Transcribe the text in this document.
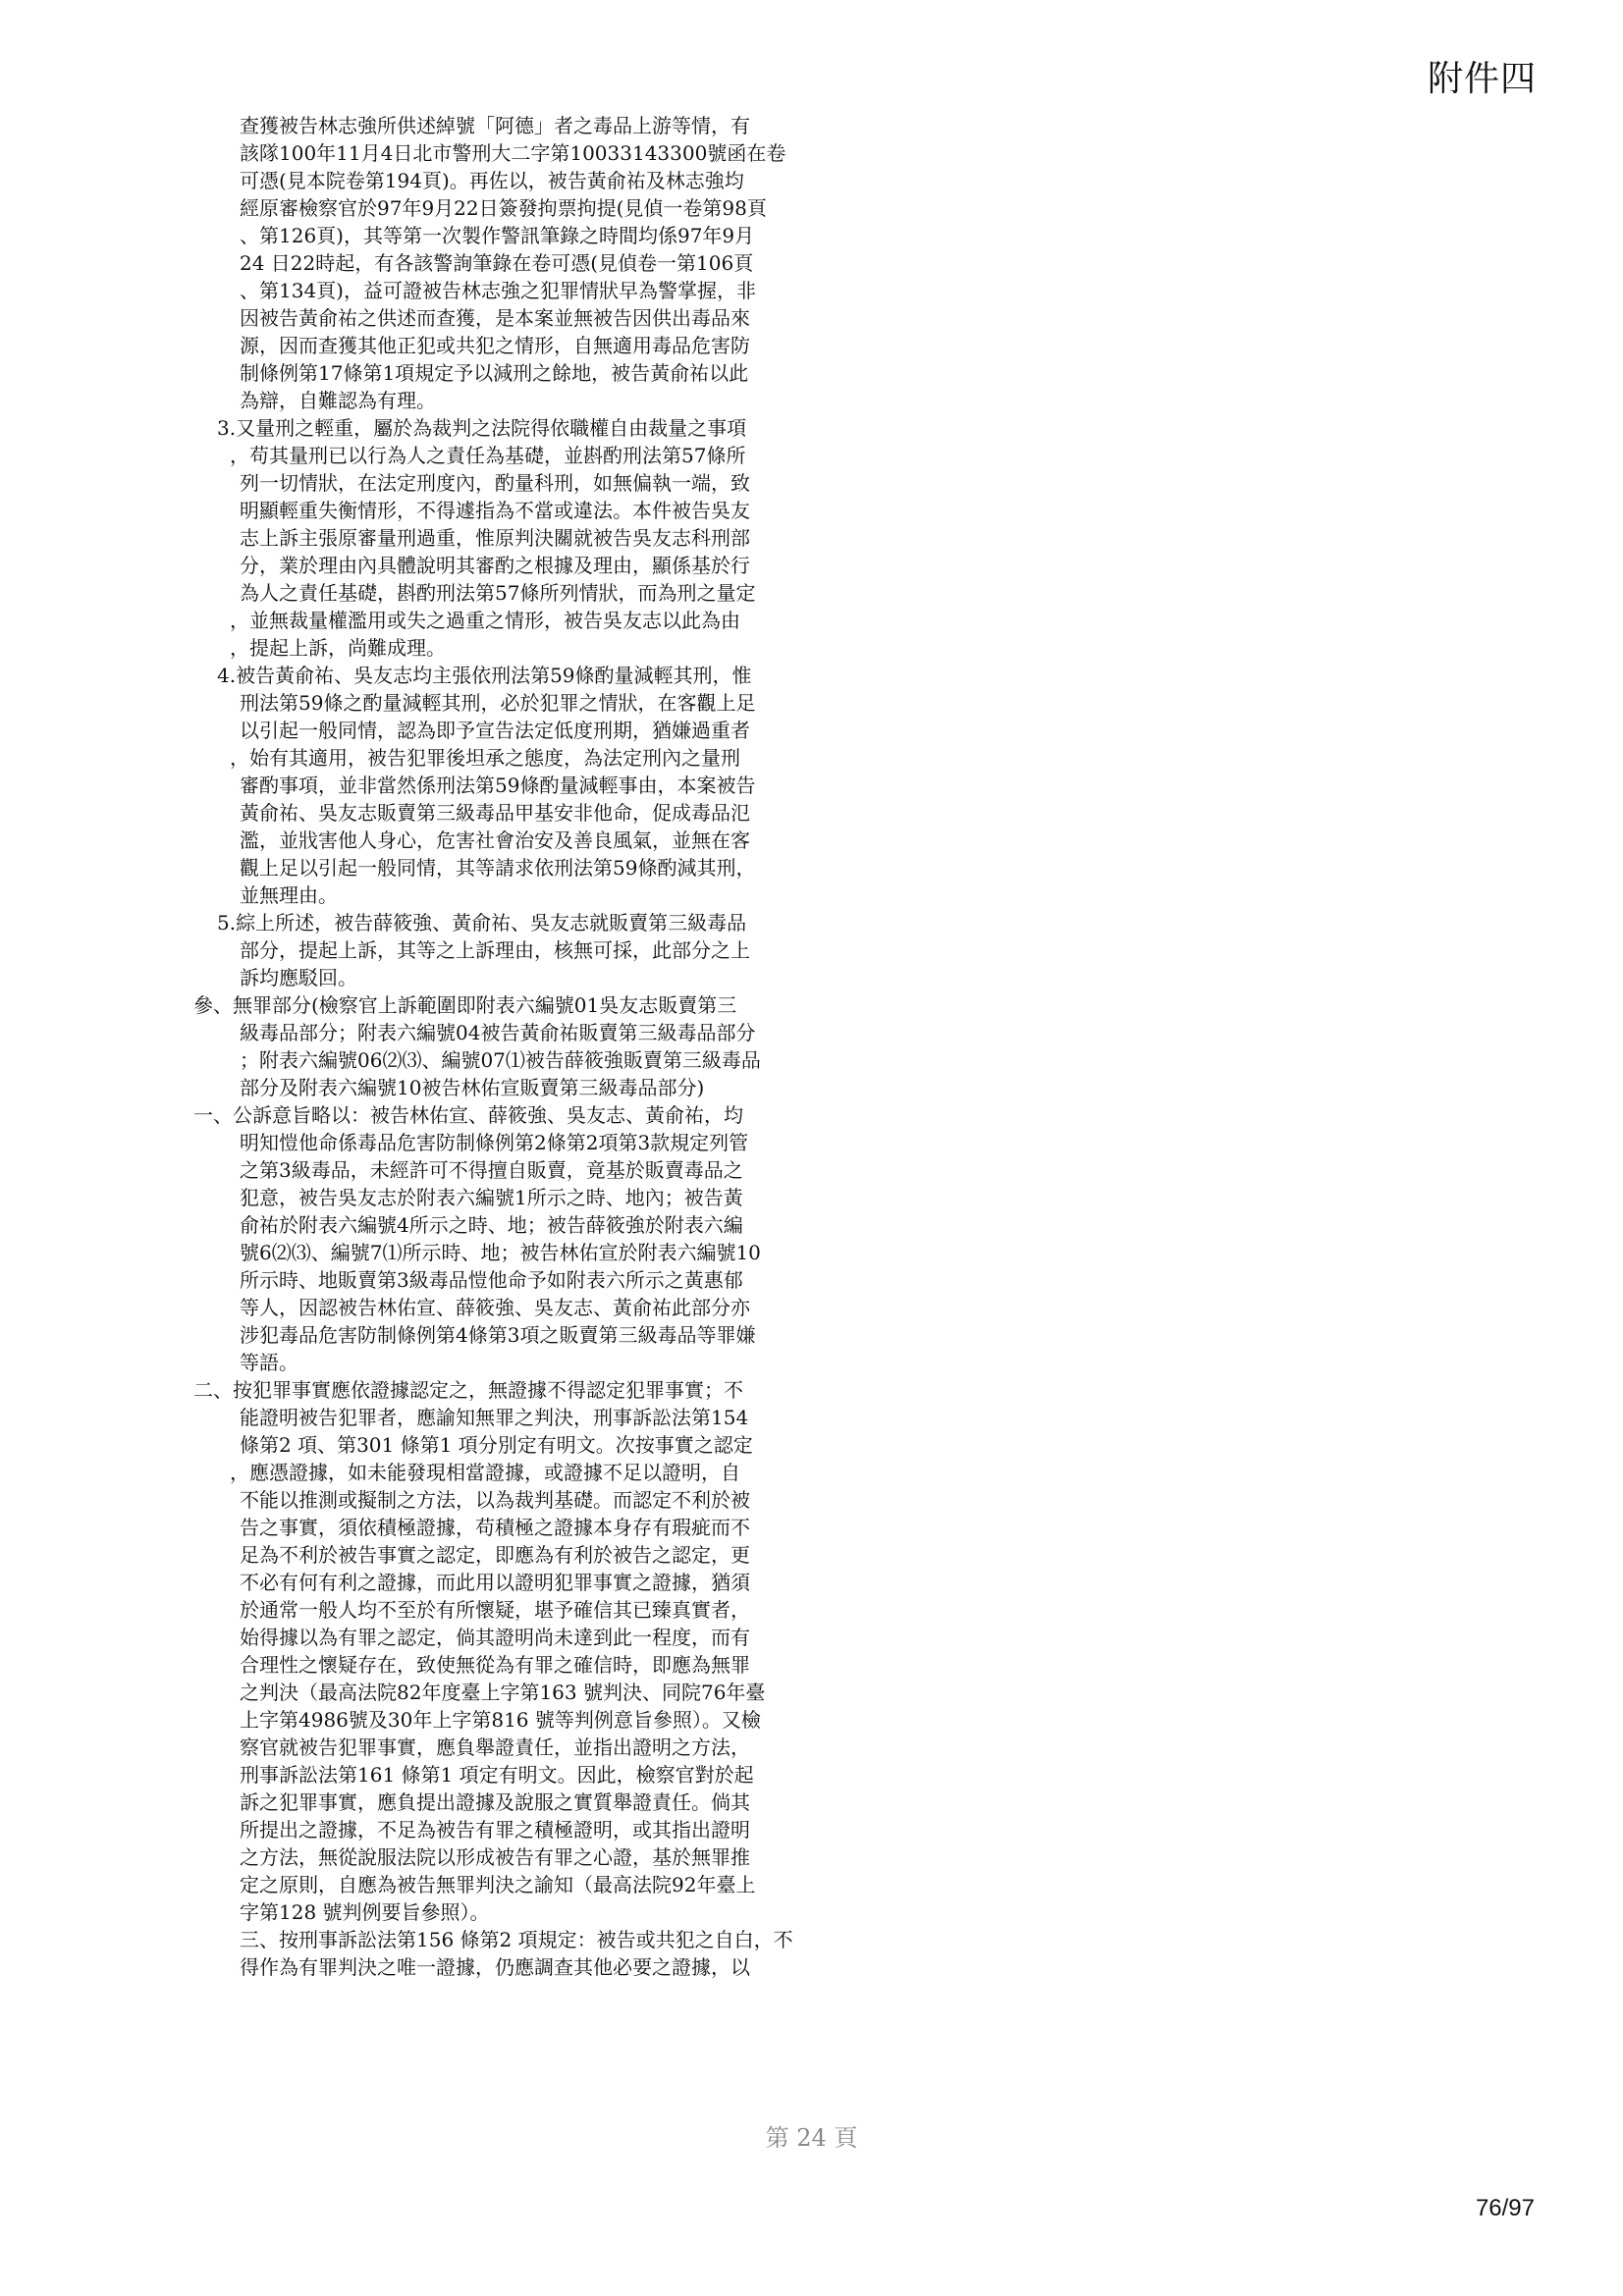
附件四
查獲被告林志強所供述綽號「阿德」者之毒品上游等情，有
該隊100年11月4日北市警刑大二字第10033143300號函在卷
可憑(見本院卷第194頁)。再佐以，被告黃俞祐及林志強均
經原審檢察官於97年9月22日簽發拘票拘提(見偵一卷第98頁
、第126頁)，其等第一次製作警訊筆錄之時間均係97年9月
24 日22時起，有各該警詢筆錄在卷可憑(見偵卷一第106頁
、第134頁)，益可證被告林志強之犯罪情狀早為警掌握，非
因被告黃俞祐之供述而查獲，是本案並無被告因供出毒品來
源，因而查獲其他正犯或共犯之情形，自無適用毒品危害防
制條例第17條第1項規定予以減刑之餘地，被告黃俞祐以此
為辯，自難認為有理。
3.又量刑之輕重，屬於為裁判之法院得依職權自由裁量之事項
，苟其量刑已以行為人之責任為基礎，並斟酌刑法第57條所
列一切情狀，在法定刑度內，酌量科刑，如無偏執一端，致
明顯輕重失衡情形，不得遽指為不當或違法。本件被告吳友
志上訴主張原審量刑過重，惟原判決關就被告吳友志科刑部
分，業於理由內具體說明其審酌之根據及理由，顯係基於行
為人之責任基礎，斟酌刑法第57條所列情狀，而為刑之量定
，並無裁量權濫用或失之過重之情形，被告吳友志以此為由
，提起上訴，尚難成理。
4.被告黃俞祐、吳友志均主張依刑法第59條酌量減輕其刑，惟
刑法第59條之酌量減輕其刑，必於犯罪之情狀，在客觀上足
以引起一般同情，認為即予宣告法定低度刑期，猶嫌過重者
，始有其適用，被告犯罪後坦承之態度，為法定刑內之量刑
審酌事項，並非當然係刑法第59條酌量減輕事由，本案被告
黃俞祐、吳友志販賣第三級毒品甲基安非他命，促成毒品氾
濫，並戕害他人身心，危害社會治安及善良風氣，並無在客
觀上足以引起一般同情，其等請求依刑法第59條酌減其刑，
並無理由。
5.綜上所述，被告薛筱強、黃俞祐、吳友志就販賣第三級毒品
部分，提起上訴，其等之上訴理由，核無可採，此部分之上
訴均應駁回。
參、無罪部分(檢察官上訴範圍即附表六編號01吳友志販賣第三
級毒品部分；附表六編號04被告黃俞祐販賣第三級毒品部分
；附表六編號06⑵⑶、編號07⑴被告薛筱強販賣第三級毒品
部分及附表六編號10被告林佑宣販賣第三級毒品部分)
一、公訴意旨略以：被告林佑宣、薛筱強、吳友志、黃俞祐，均
明知愷他命係毒品危害防制條例第2條第2項第3款規定列管
之第3級毒品，未經許可不得擅自販賣，竟基於販賣毒品之
犯意，被告吳友志於附表六編號1所示之時、地內；被告黃
俞祐於附表六編號4所示之時、地；被告薛筱強於附表六編
號6⑵⑶、編號7⑴所示時、地；被告林佑宣於附表六編號10
所示時、地販賣第3級毒品愷他命予如附表六所示之黃惠郁
等人，因認被告林佑宣、薛筱強、吳友志、黃俞祐此部分亦
涉犯毒品危害防制條例第4條第3項之販賣第三級毒品等罪嫌
等語。
二、按犯罪事實應依證據認定之，無證據不得認定犯罪事實；不
能證明被告犯罪者，應諭知無罪之判決，刑事訴訟法第154
條第2 項、第301 條第1 項分別定有明文。次按事實之認定
，應憑證據，如未能發現相當證據，或證據不足以證明，自
不能以推測或擬制之方法，以為裁判基礎。而認定不利於被
告之事實，須依積極證據，苟積極之證據本身存有瑕疵而不
足為不利於被告事實之認定，即應為有利於被告之認定，更
不必有何有利之證據，而此用以證明犯罪事實之證據，猶須
於通常一般人均不至於有所懷疑，堪予確信其已臻真實者，
始得據以為有罪之認定，倘其證明尚未達到此一程度，而有
合理性之懷疑存在，致使無從為有罪之確信時，即應為無罪
之判決（最高法院82年度臺上字第163 號判決、同院76年臺
上字第4986號及30年上字第816 號等判例意旨參照）。又檢
察官就被告犯罪事實，應負舉證責任，並指出證明之方法，
刑事訴訟法第161 條第1 項定有明文。因此，檢察官對於起
訴之犯罪事實，應負提出證據及說服之實質舉證責任。倘其
所提出之證據，不足為被告有罪之積極證明，或其指出證明
之方法，無從說服法院以形成被告有罪之心證，基於無罪推
定之原則，自應為被告無罪判決之諭知（最高法院92年臺上
字第128 號判例要旨參照）。
三、按刑事訴訟法第156 條第2 項規定：被告或共犯之自白，不
得作為有罪判決之唯一證據，仍應調查其他必要之證據，以
第 24 頁
76/97
